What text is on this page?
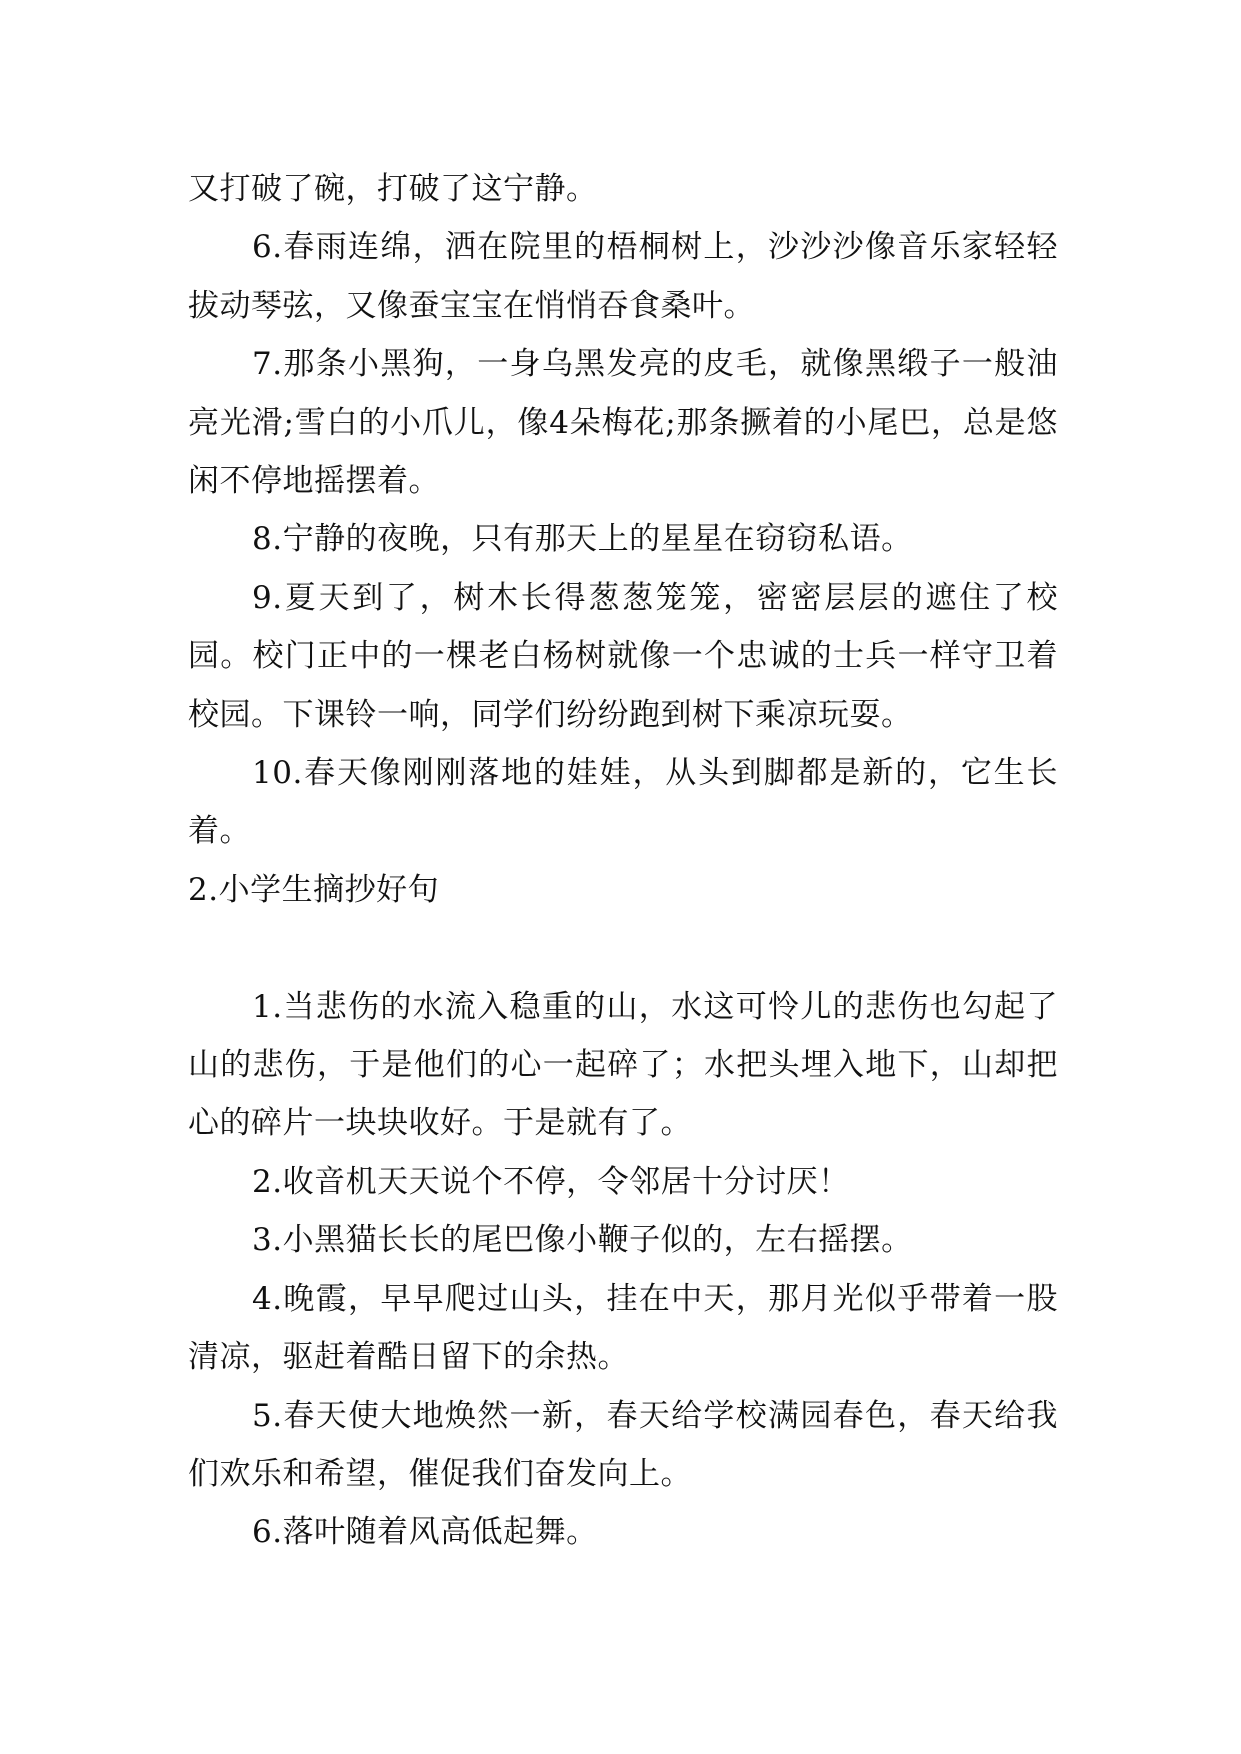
又打破了碗，打破了这宁静。

6.春雨连绵，洒在院里的梧桐树上，沙沙沙像音乐家轻轻拔动琴弦，又像蚕宝宝在悄悄吞食桑叶。

7.那条小黑狗，一身乌黑发亮的皮毛，就像黑缎子一般油亮光滑;雪白的小爪儿，像4朵梅花;那条撅着的小尾巴，总是悠闲不停地摇摆着。

8.宁静的夜晚，只有那天上的星星在窃窃私语。

9.夏天到了，树木长得葱葱笼笼，密密层层的遮住了校园。校门正中的一棵老白杨树就像一个忠诚的士兵一样守卫着校园。下课铃一响，同学们纷纷跑到树下乘凉玩耍。

10.春天像刚刚落地的娃娃，从头到脚都是新的，它生长着。

2.小学生摘抄好句

1.当悲伤的水流入稳重的山，水这可怜儿的悲伤也勾起了山的悲伤，于是他们的心一起碎了；水把头埋入地下，山却把心的碎片一块块收好。于是就有了。

2.收音机天天说个不停，令邻居十分讨厌！

3.小黑猫长长的尾巴像小鞭子似的，左右摇摆。

4.晚霞，早早爬过山头，挂在中天，那月光似乎带着一股清凉，驱赶着酷日留下的余热。

5.春天使大地焕然一新，春天给学校满园春色，春天给我们欢乐和希望，催促我们奋发向上。

6.落叶随着风高低起舞。
